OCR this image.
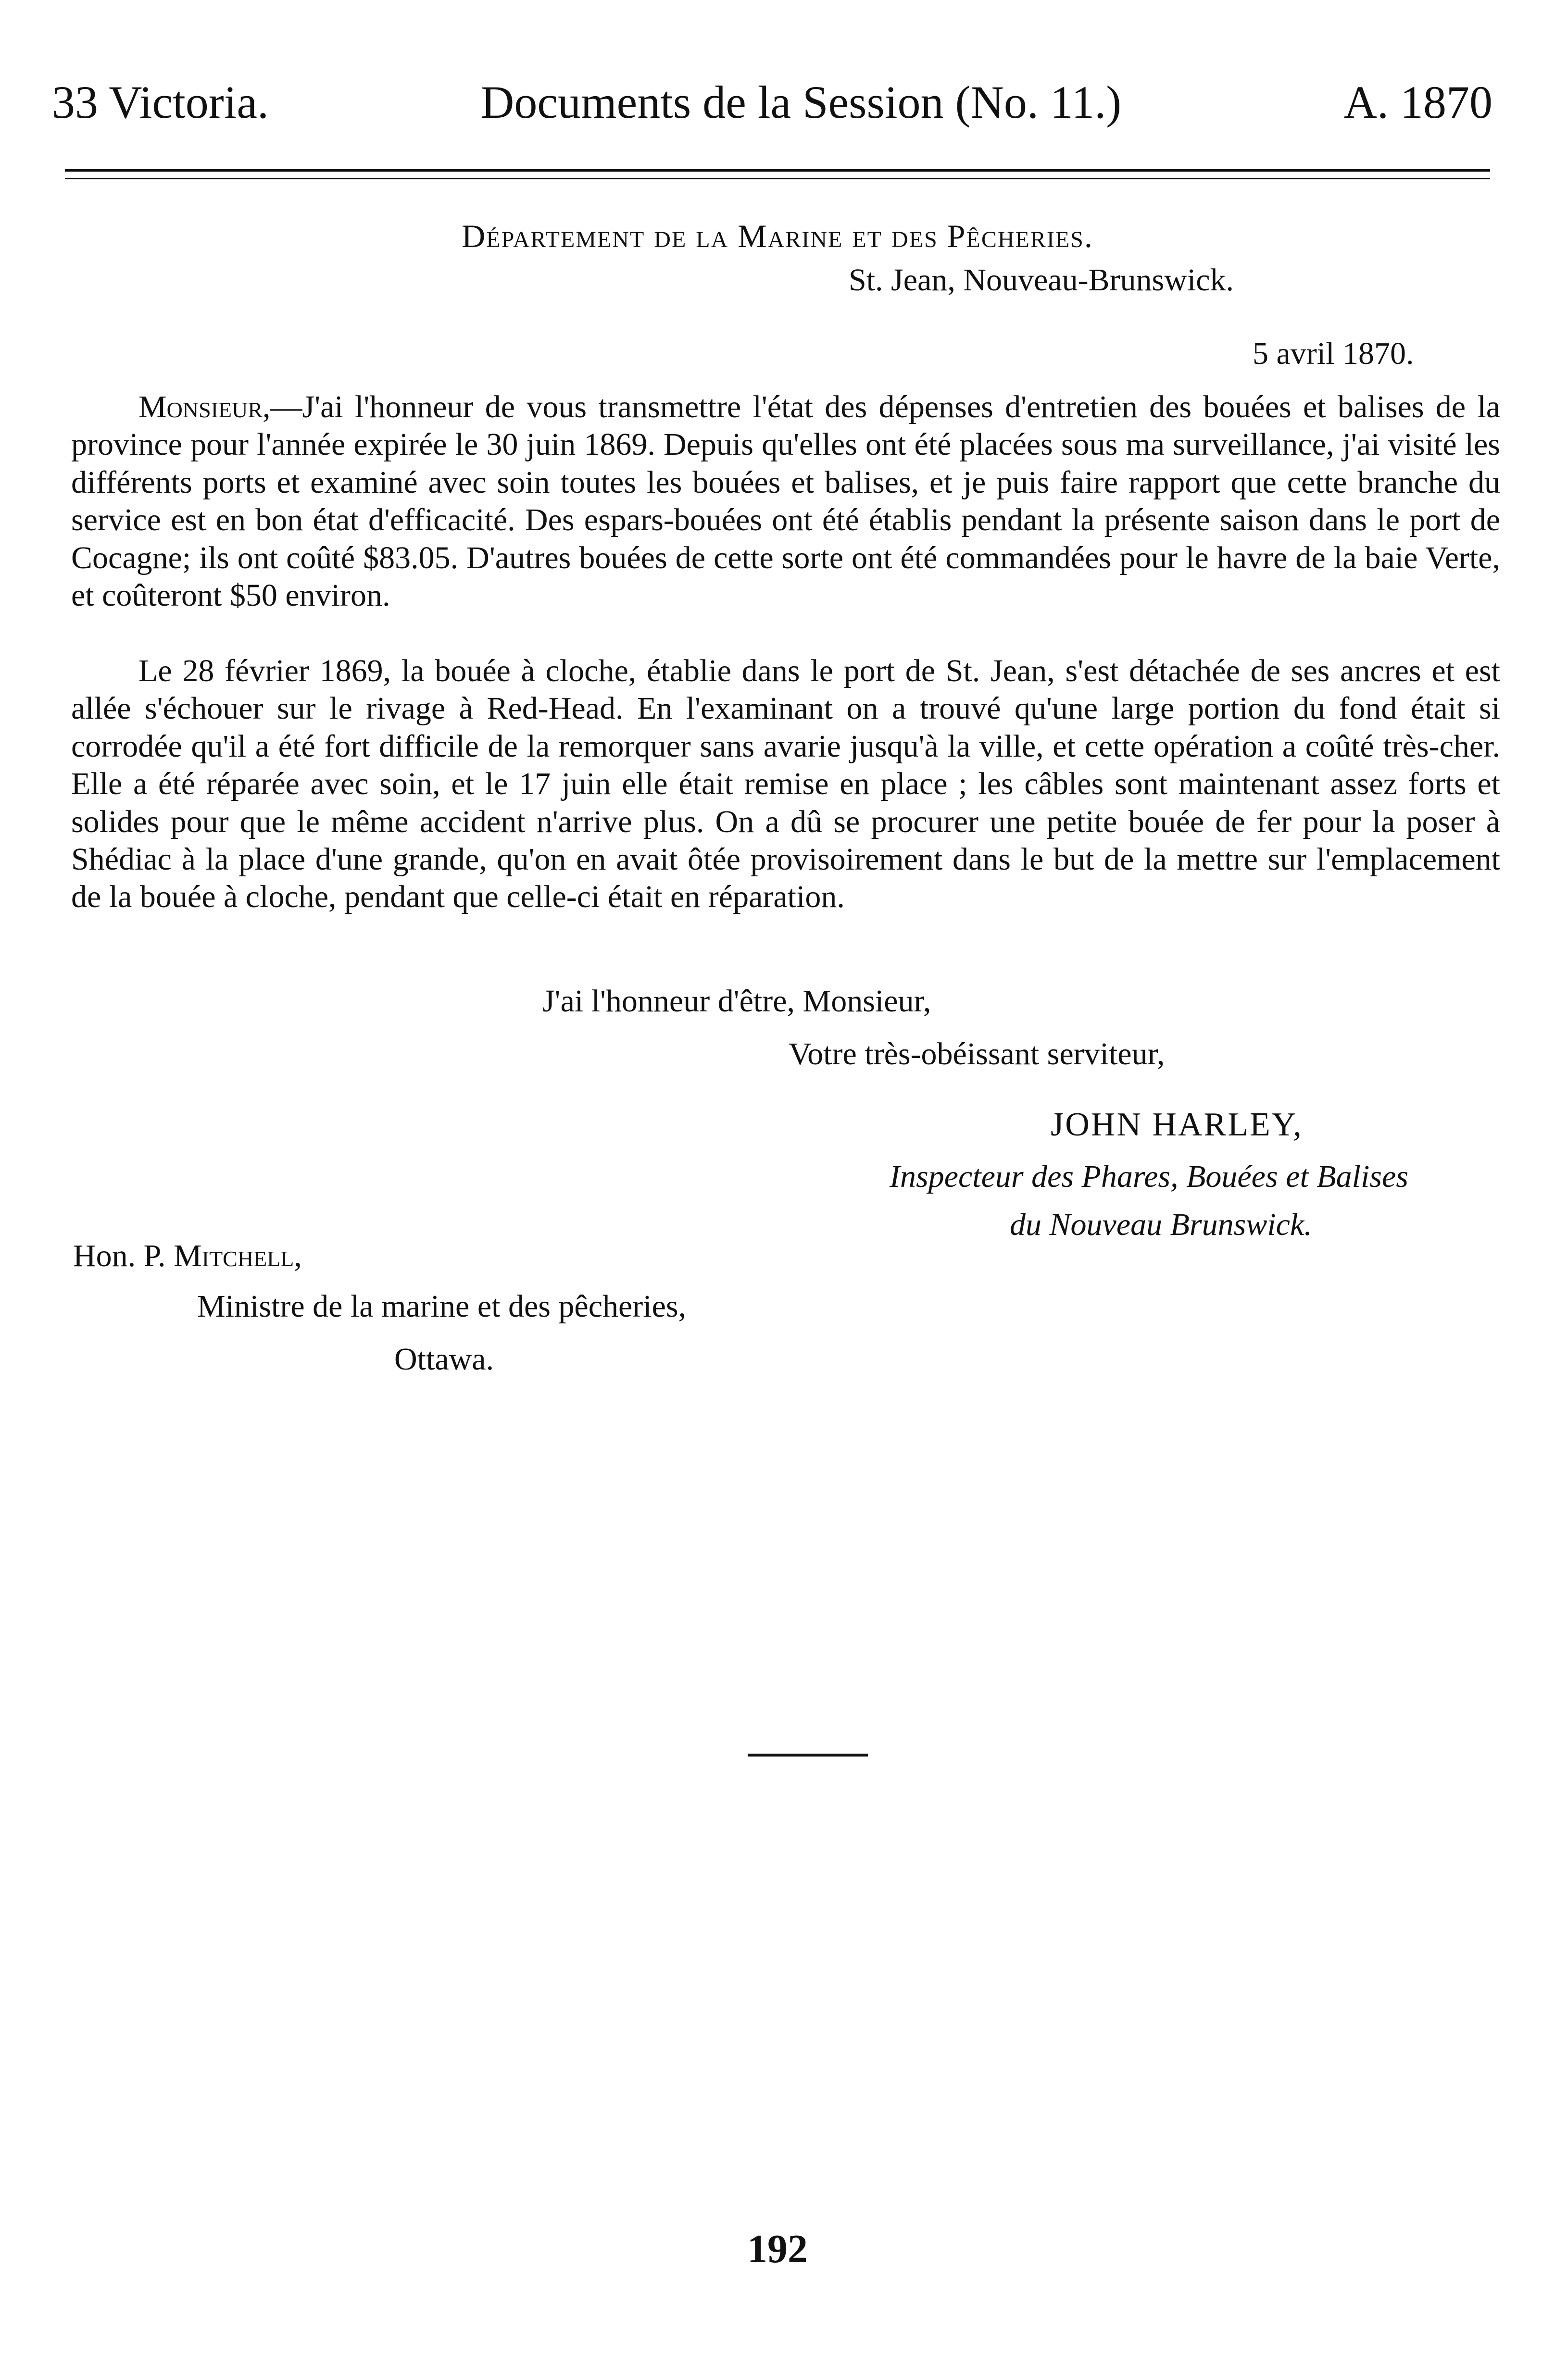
33 Victoria.	Documents de la Session (No. 11.)	A. 1870
Département de la Marine et des Pêcheries.
St. Jean, Nouveau-Brunswick.
5 avril 1870.

Monsieur,—J'ai l'honneur de vous transmettre l'état des dépenses d'entretien des bouées et balises de la province pour l'année expirée le 30 juin 1869. Depuis qu'elles ont été placées sous ma surveillance, j'ai visité les différents ports et examiné avec soin toutes les bouées et balises, et je puis faire rapport que cette branche du service est en bon état d'efficacité. Des espars-bouées ont été établis pendant la présente saison dans le port de Cocagne; ils ont coûté $83.05. D'autres bouées de cette sorte ont été commandées pour le havre de la baie Verte, et coûteront $50 environ.

Le 28 février 1869, la bouée à cloche, établie dans le port de St. Jean, s'est détachée de ses ancres et est allée s'échouer sur le rivage à Red-Head. En l'examinant on a trouvé qu'une large portion du fond était si corrodée qu'il a été fort difficile de la remorquer sans avarie jusqu'à la ville, et cette opération a coûté très-cher. Elle a été réparée avec soin, et le 17 juin elle était remise en place ; les câbles sont maintenant assez forts et solides pour que le même accident n'arrive plus. On a dû se procurer une petite bouée de fer pour la poser à Shédiac à la place d'une grande, qu'on en avait ôtée provisoirement dans le but de la mettre sur l'emplacement de la bouée à cloche, pendant que celle-ci était en réparation.

J'ai l'honneur d'être, Monsieur,
Votre très-obéissant serviteur,
JOHN HARLEY,
Inspecteur des Phares, Bouées et Balises
du Nouveau Brunswick.
Hon. P. Mitchell,
Ministre de la marine et des pêcheries,
Ottawa.
192
